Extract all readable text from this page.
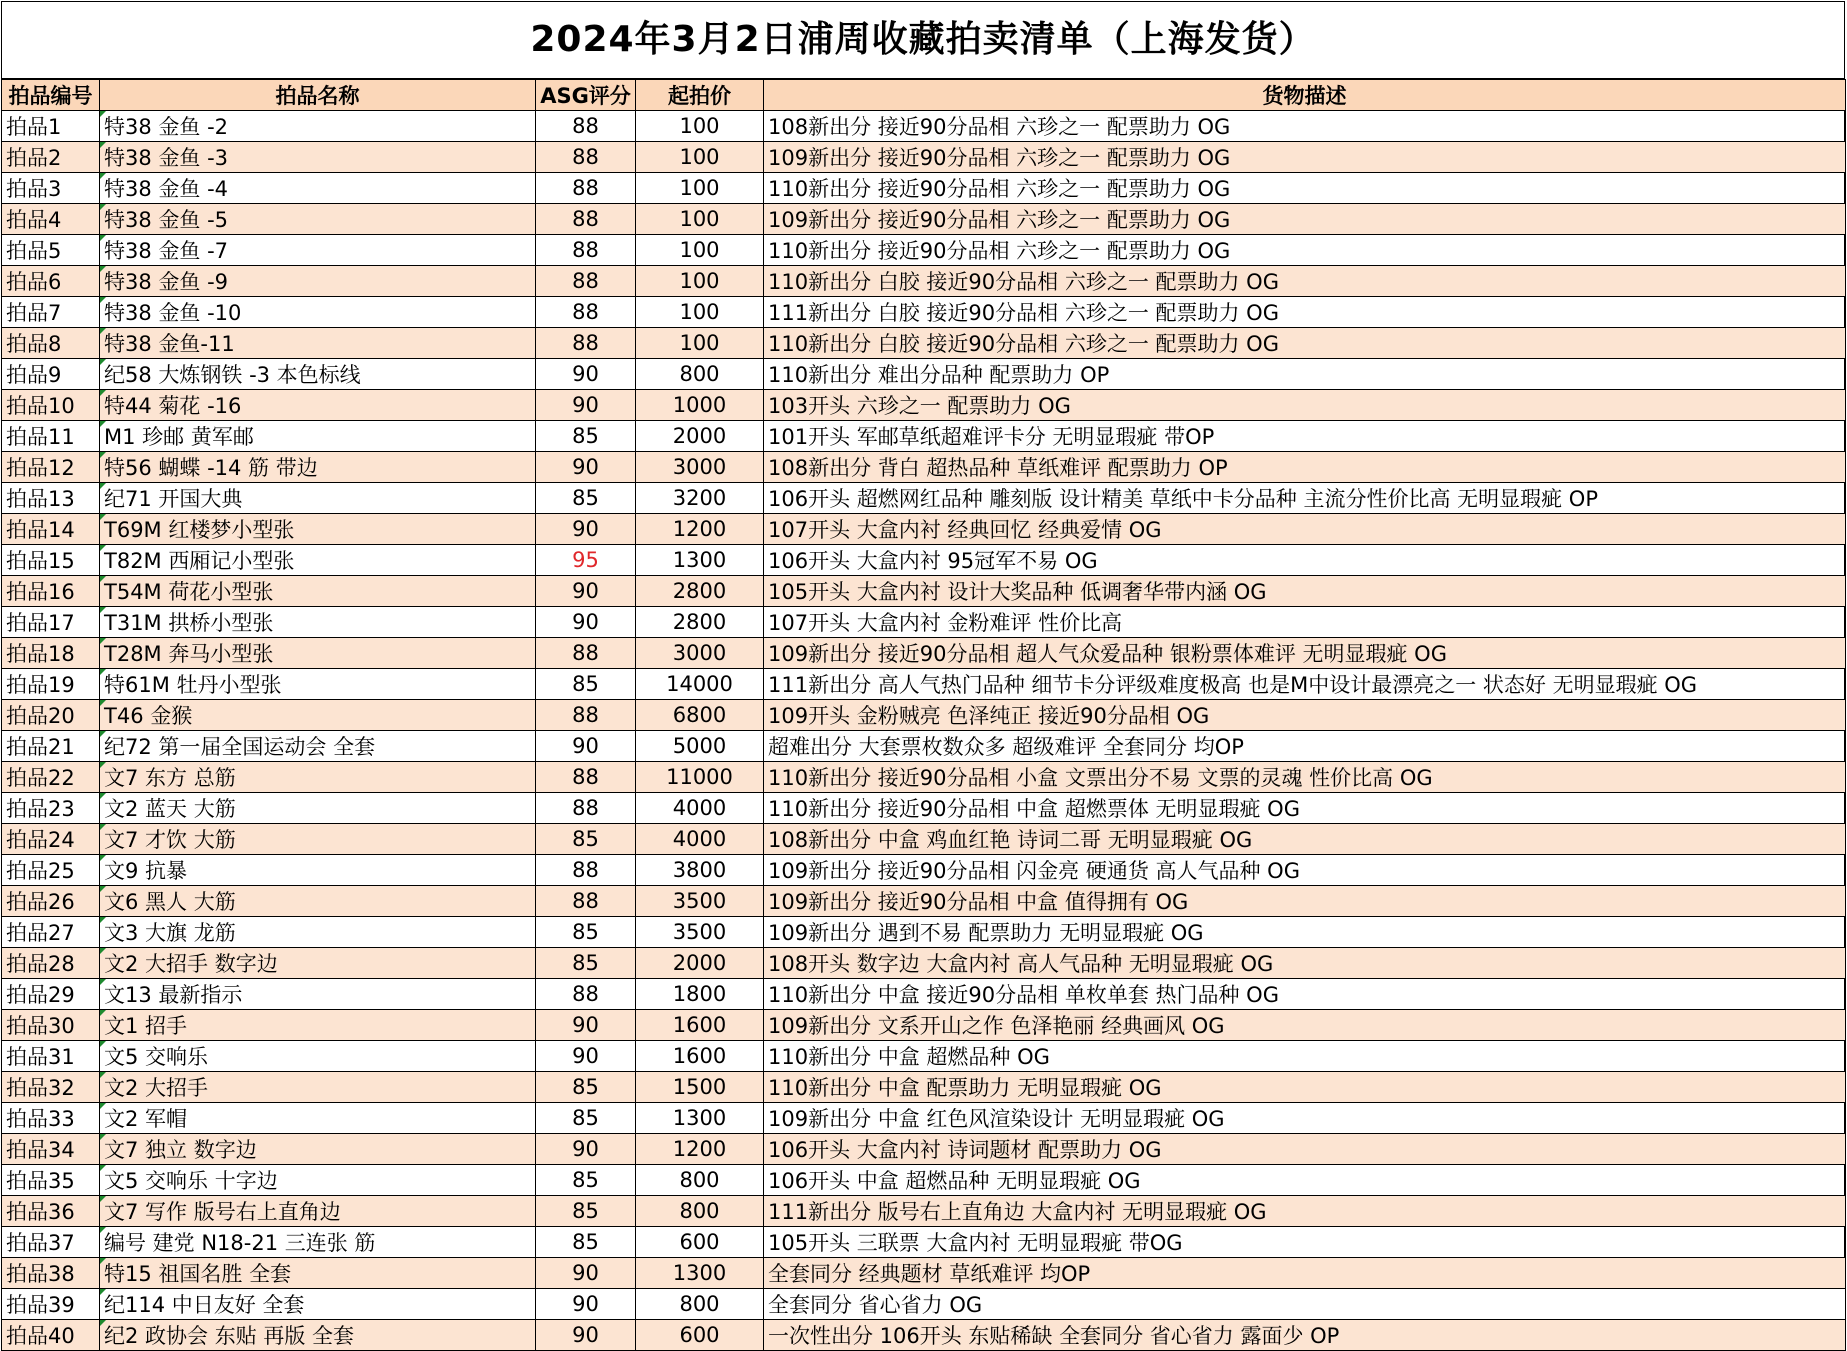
2024年3月2日浦周收藏拍卖清单（上海发货）
拍品编号	拍品名称	ASG评分	起拍价	货物描述
拍品1	特38 金鱼 -2	88	100	108新出分 接近90分品相 六珍之一 配票助力 OG
拍品2	特38 金鱼 -3	88	100	109新出分 接近90分品相 六珍之一 配票助力 OG
拍品3	特38 金鱼 -4	88	100	110新出分 接近90分品相 六珍之一 配票助力 OG
拍品4	特38 金鱼 -5	88	100	109新出分 接近90分品相 六珍之一 配票助力 OG
拍品5	特38 金鱼 -7	88	100	110新出分 接近90分品相 六珍之一 配票助力 OG
拍品6	特38 金鱼 -9	88	100	110新出分 白胶 接近90分品相 六珍之一 配票助力 OG
拍品7	特38 金鱼 -10	88	100	111新出分 白胶 接近90分品相 六珍之一 配票助力 OG
拍品8	特38 金鱼-11	88	100	110新出分 白胶 接近90分品相 六珍之一 配票助力 OG
拍品9	纪58 大炼钢铁 -3 本色标线	90	800	110新出分 难出分品种 配票助力 OP
拍品10	特44 菊花 -16	90	1000	103开头 六珍之一 配票助力 OG
拍品11	M1 珍邮 黄军邮	85	2000	101开头 军邮草纸超难评卡分 无明显瑕疵 带OP
拍品12	特56 蝴蝶 -14 筋 带边	90	3000	108新出分 背白 超热品种 草纸难评 配票助力 OP
拍品13	纪71 开国大典	85	3200	106开头 超燃网红品种 雕刻版 设计精美 草纸中卡分品种 主流分性价比高 无明显瑕疵 OP
拍品14	T69M 红楼梦小型张	90	1200	107开头 大盒内衬 经典回忆 经典爱情 OG
拍品15	T82M 西厢记小型张	95	1300	106开头 大盒内衬 95冠军不易 OG
拍品16	T54M 荷花小型张	90	2800	105开头 大盒内衬 设计大奖品种 低调奢华带内涵 OG
拍品17	T31M 拱桥小型张	90	2800	107开头 大盒内衬 金粉难评 性价比高
拍品18	T28M 奔马小型张	88	3000	109新出分 接近90分品相 超人气众爱品种 银粉票体难评 无明显瑕疵 OG
拍品19	特61M 牡丹小型张	85	14000	111新出分 高人气热门品种 细节卡分评级难度极高 也是M中设计最漂亮之一 状态好 无明显瑕疵 OG
拍品20	T46 金猴	88	6800	109开头 金粉贼亮 色泽纯正 接近90分品相 OG
拍品21	纪72 第一届全国运动会 全套	90	5000	超难出分 大套票枚数众多 超级难评 全套同分 均OP
拍品22	文7 东方 总筋	88	11000	110新出分 接近90分品相 小盒 文票出分不易 文票的灵魂 性价比高 OG
拍品23	文2 蓝天 大筋	88	4000	110新出分 接近90分品相 中盒 超燃票体 无明显瑕疵 OG
拍品24	文7 才饮 大筋	85	4000	108新出分 中盒 鸡血红艳 诗词二哥 无明显瑕疵 OG
拍品25	文9 抗暴	88	3800	109新出分 接近90分品相 闪金亮 硬通货 高人气品种 OG
拍品26	文6 黑人 大筋	88	3500	109新出分 接近90分品相 中盒 值得拥有 OG
拍品27	文3 大旗 龙筋	85	3500	109新出分 遇到不易 配票助力 无明显瑕疵 OG
拍品28	文2 大招手 数字边	85	2000	108开头 数字边 大盒内衬 高人气品种 无明显瑕疵 OG
拍品29	文13 最新指示	88	1800	110新出分 中盒 接近90分品相 单枚单套 热门品种 OG
拍品30	文1 招手	90	1600	109新出分 文系开山之作 色泽艳丽 经典画风 OG
拍品31	文5 交响乐	90	1600	110新出分 中盒 超燃品种 OG
拍品32	文2 大招手	85	1500	110新出分 中盒 配票助力 无明显瑕疵 OG
拍品33	文2 军帽	85	1300	109新出分 中盒 红色风渲染设计 无明显瑕疵 OG
拍品34	文7 独立 数字边	90	1200	106开头 大盒内衬 诗词题材 配票助力 OG
拍品35	文5 交响乐 十字边	85	800	106开头 中盒 超燃品种 无明显瑕疵 OG
拍品36	文7 写作 版号右上直角边	85	800	111新出分 版号右上直角边 大盒内衬 无明显瑕疵 OG
拍品37	编号 建党 N18-21 三连张 筋	85	600	105开头 三联票 大盒内衬 无明显瑕疵 带OG
拍品38	特15 祖国名胜 全套	90	1300	全套同分 经典题材 草纸难评 均OP
拍品39	纪114 中日友好 全套	90	800	全套同分 省心省力 OG
拍品40	纪2 政协会 东贴 再版 全套	90	600	一次性出分 106开头 东贴稀缺 全套同分 省心省力 露面少 OP
